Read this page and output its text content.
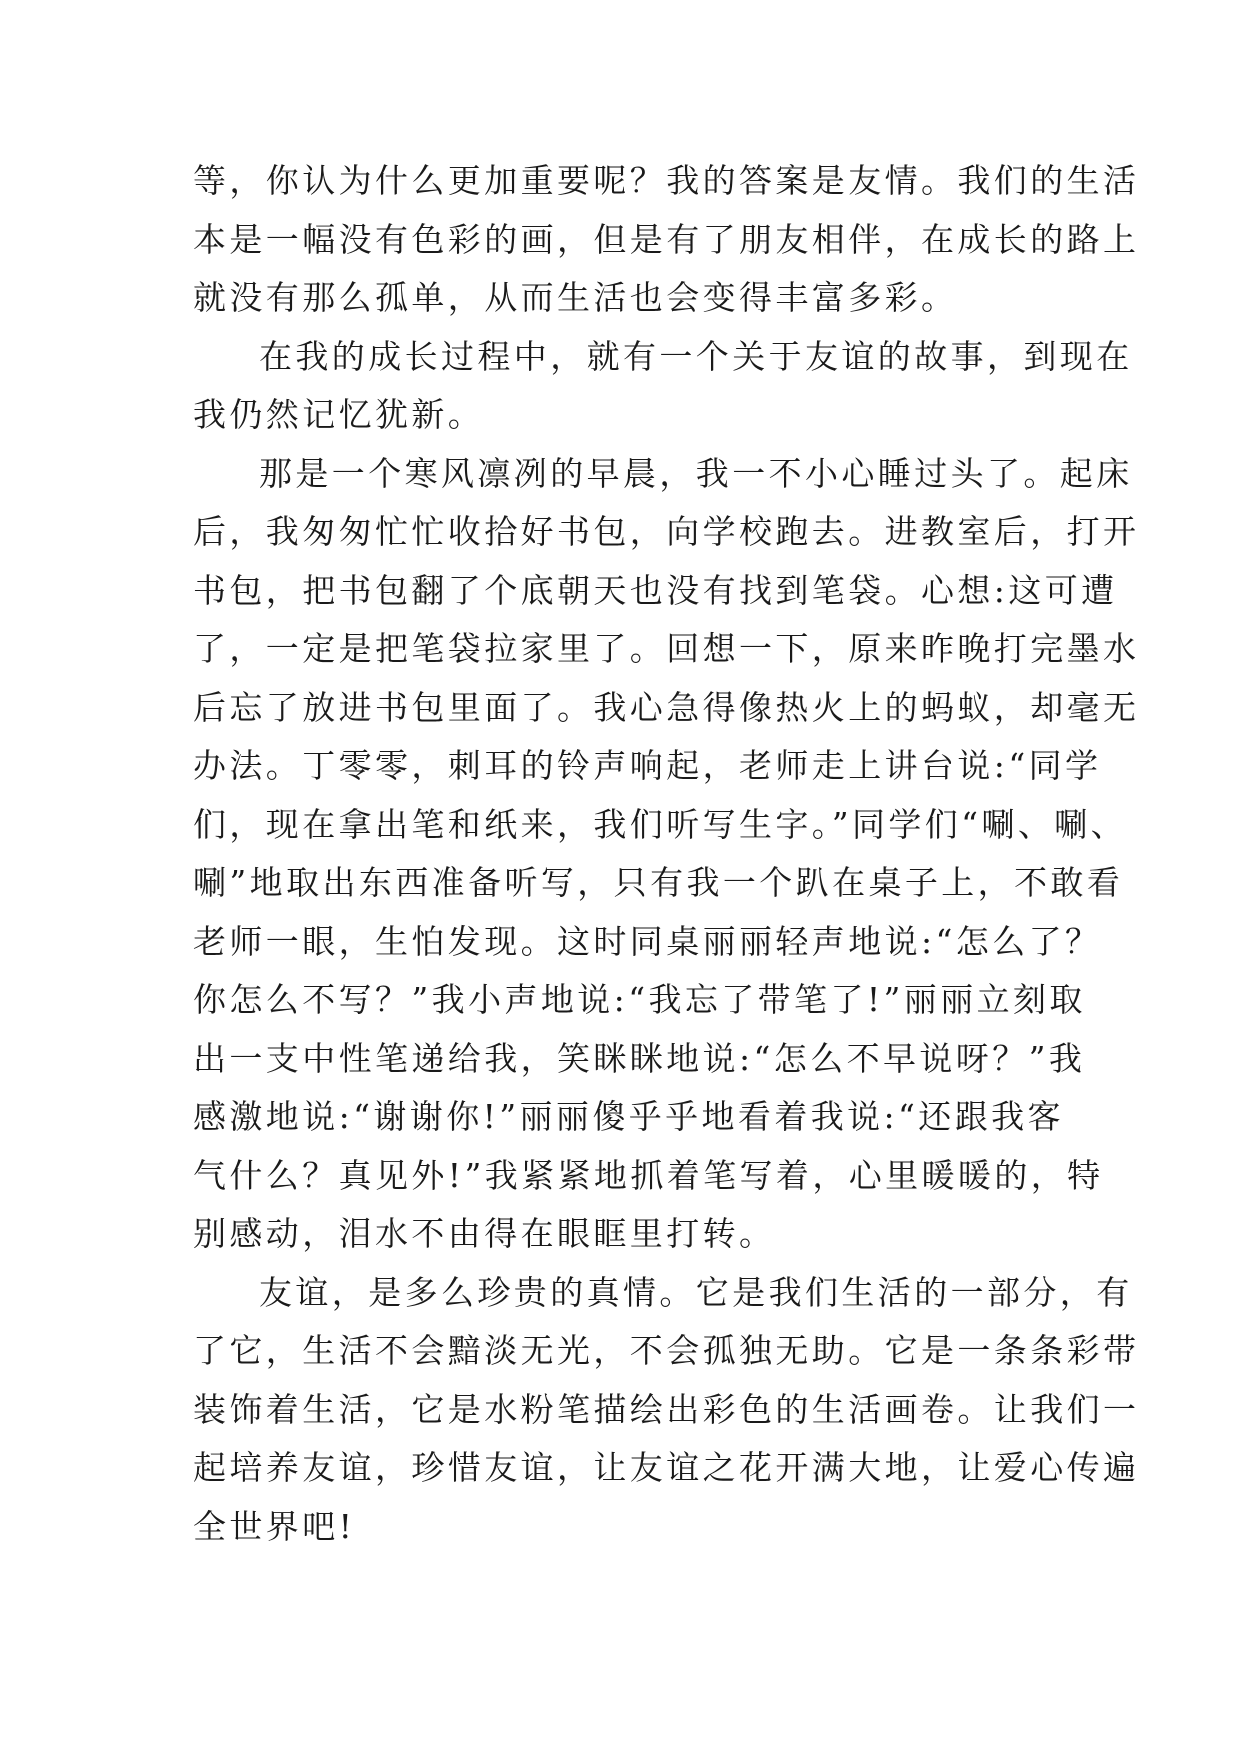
等，你认为什么更加重要呢？我的答案是友情。我们的生活
本是一幅没有色彩的画，但是有了朋友相伴，在成长的路上
就没有那么孤单，从而生活也会变得丰富多彩。
在我的成长过程中，就有一个关于友谊的故事，到现在
我仍然记忆犹新。
那是一个寒风凛冽的早晨，我一不小心睡过头了。起床
后，我匆匆忙忙收拾好书包，向学校跑去。进教室后，打开
书包，把书包翻了个底朝天也没有找到笔袋。心想:这可遭
了，一定是把笔袋拉家里了。回想一下，原来昨晚打完墨水
后忘了放进书包里面了。我心急得像热火上的蚂蚁，却毫无
办法。丁零零，刺耳的铃声响起，老师走上讲台说:“同学
们，现在拿出笔和纸来，我们听写生字。”同学们“唰、唰、
唰”地取出东西准备听写，只有我一个趴在桌子上，不敢看
老师一眼，生怕发现。这时同桌丽丽轻声地说:“怎么了？
你怎么不写？”我小声地说:“我忘了带笔了!”丽丽立刻取
出一支中性笔递给我，笑眯眯地说:“怎么不早说呀？”我
感激地说:“谢谢你!”丽丽傻乎乎地看着我说:“还跟我客
气什么？真见外!”我紧紧地抓着笔写着，心里暖暖的，特
别感动，泪水不由得在眼眶里打转。
友谊，是多么珍贵的真情。它是我们生活的一部分，有
了它，生活不会黯淡无光，不会孤独无助。它是一条条彩带
装饰着生活，它是水粉笔描绘出彩色的生活画卷。让我们一
起培养友谊，珍惜友谊，让友谊之花开满大地，让爱心传遍
全世界吧!
